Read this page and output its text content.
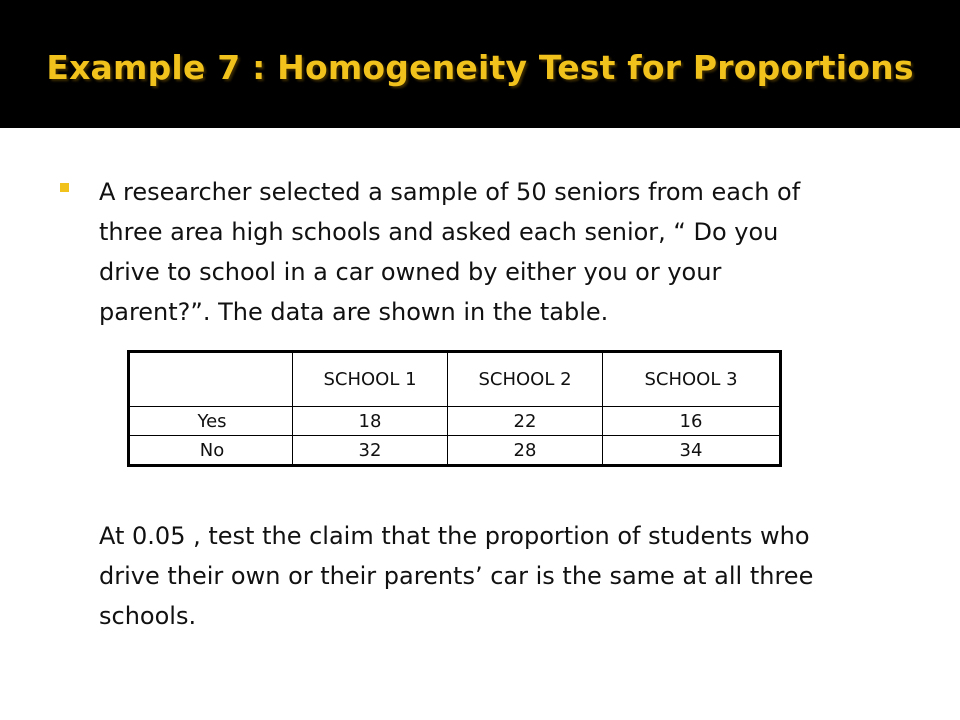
Example 7 : Homogeneity Test for Proportions
A researcher selected a sample of 50 seniors from each of
three area high schools and asked each senior, “ Do you
drive to school in a car owned by either you or your
parent?”. The data are shown in the table.
	SCHOOL 1	SCHOOL 2	SCHOOL 3
Yes	18	22	16
No	32	28	34
At 0.05 , test the claim that the proportion of students who
drive their own or their parents’ car is the same at all three
schools.
